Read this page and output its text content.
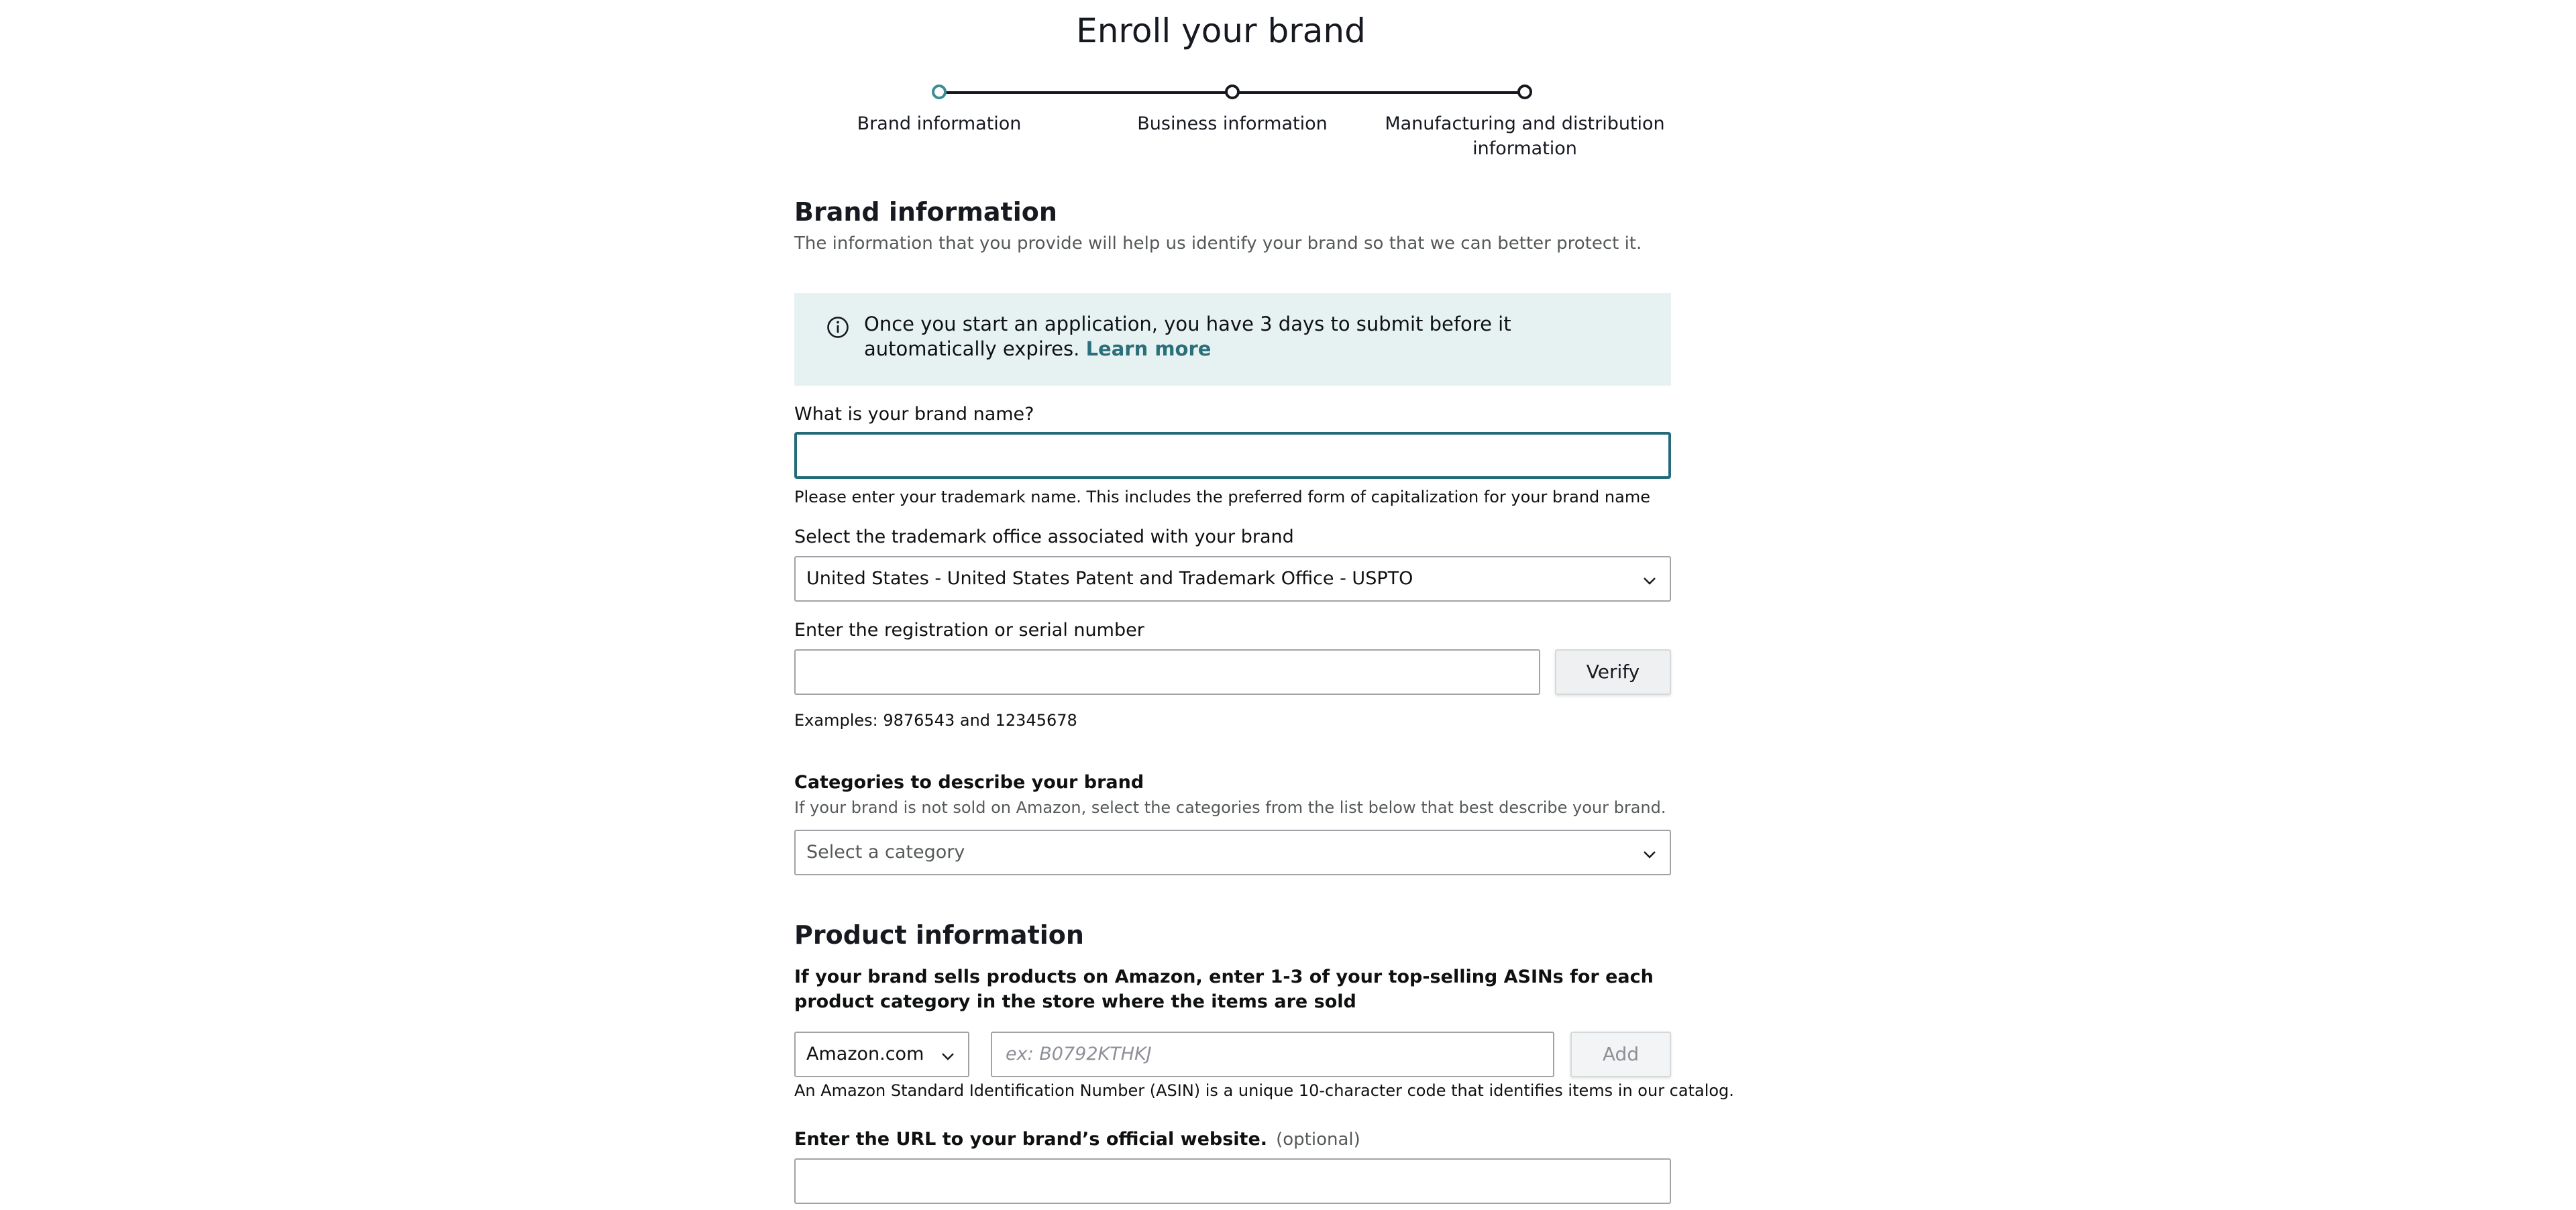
Enroll your brand
Brand information	Business information	Manufacturing and distribution information
Brand information
The information that you provide will help us identify your brand so that we can better protect it.
Once you start an application, you have 3 days to submit before it automatically expires. Learn more
What is your brand name?
Please enter your trademark name. This includes the preferred form of capitalization for your brand name
Select the trademark office associated with your brand
United States - United States Patent and Trademark Office - USPTO
Enter the registration or serial number
Verify
Examples: 9876543 and 12345678
Categories to describe your brand
If your brand is not sold on Amazon, select the categories from the list below that best describe your brand.
Select a category
Product information
If your brand sells products on Amazon, enter 1-3 of your top-selling ASINs for each product category in the store where the items are sold
Amazon.com	ex: B0792KTHKJ	Add
An Amazon Standard Identification Number (ASIN) is a unique 10-character code that identifies items in our catalog.
Enter the URL to your brand’s official website. (optional)
